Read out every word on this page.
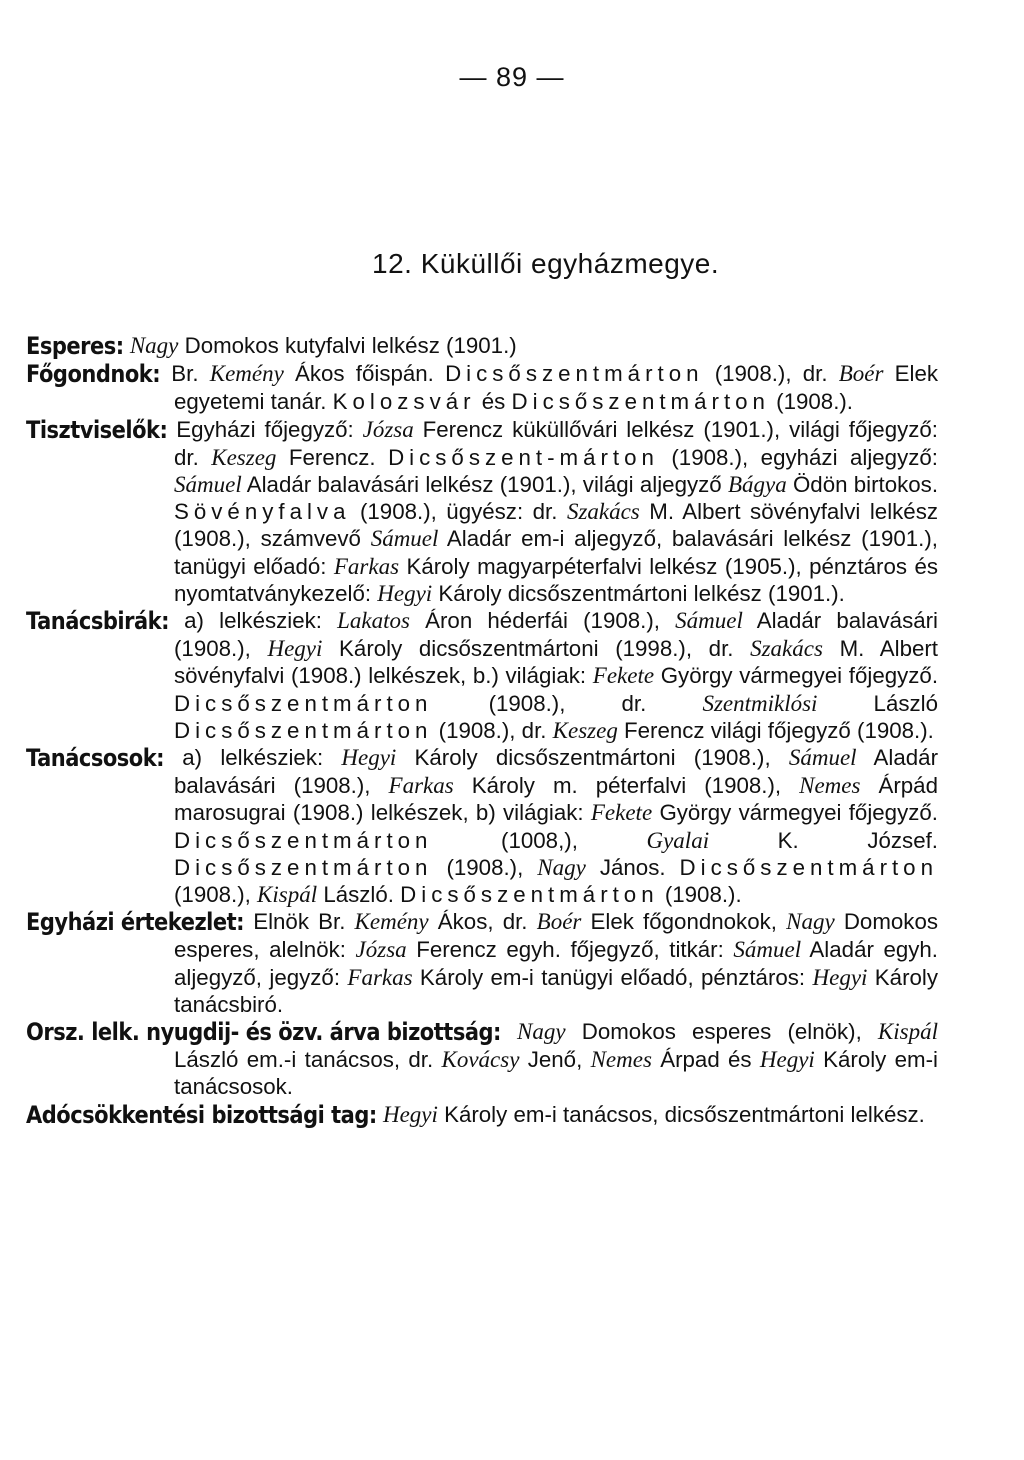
— 89 —
12. Küküllői egyházmegye.

Esperes: Nagy Domokos kutyfalvi lelkész (1901.)

Főgondnok: Br. Kemény Ákos főispán. Dicsőszentmárton (1908.), dr. Boér Elek egyetemi tanár. Kolozsvár és Dicsőszentmárton (1908.).

Tisztviselők: Egyházi főjegyző: Józsa Ferencz küküllővári lelkész (1901.), világi főjegyző: dr. Keszeg Ferencz. Dicsőszent-márton (1908.), egyházi aljegyző: Sámuel Aladár balavásári lelkész (1901.), világi aljegyző Bágya Ödön birtokos. Sövényfalva (1908.), ügyész: dr. Szakács M. Albert sövényfalvi lelkész (1908.), számvevő Sámuel Aladár em-i aljegyző, balavásári lelkész (1901.), tanügyi előadó: Farkas Károly magyarpéterfalvi lelkész (1905.), pénztáros és nyomtatványkezelő: Hegyi Károly dicsőszentmártoni lelkész (1901.).

Tanácsbirák: a) lelkésziek: Lakatos Áron héderfái (1908.), Sámuel Aladár balavásári (1908.), Hegyi Károly dicsőszentmártoni (1998.), dr. Szakács M. Albert sövényfalvi (1908.) lelkészek, b.) világiak: Fekete György vármegyei főjegyző. Dicsőszentmárton (1908.), dr. Szentmiklósi László Dicsőszentmárton (1908.), dr. Keszeg Ferencz világi főjegyző (1908.).

Tanácsosok: a) lelkésziek: Hegyi Károly dicsőszentmártoni (1908.), Sámuel Aladár balavásári (1908.), Farkas Károly m. péterfalvi (1908.), Nemes Árpád marosugrai (1908.) lelkészek, b) világiak: Fekete György vármegyei főjegyző. Dicsőszentmárton (1008,), Gyalai K. József. Dicsőszentmárton (1908.), Nagy János. Dicsőszentmárton (1908.), Kispál László. Dicsőszentmárton (1908.).

Egyházi értekezlet: Elnök Br. Kemény Ákos, dr. Boér Elek főgondnokok, Nagy Domokos esperes, alelnök: Józsa Ferencz egyh. főjegyző, titkár: Sámuel Aladár egyh. aljegyző, jegyző: Farkas Károly em-i tanügyi előadó, pénztáros: Hegyi Károly tanácsbiró.

Orsz. lelk. nyugdij- és özv. árva bizottság: Nagy Domokos esperes (elnök), Kispál László em.-i tanácsos, dr. Kovácsy Jenő, Nemes Árpad és Hegyi Károly em-i tanácsosok.

Adócsökkentési bizottsági tag: Hegyi Károly em-i tanácsos, dicsőszentmártoni lelkész.
